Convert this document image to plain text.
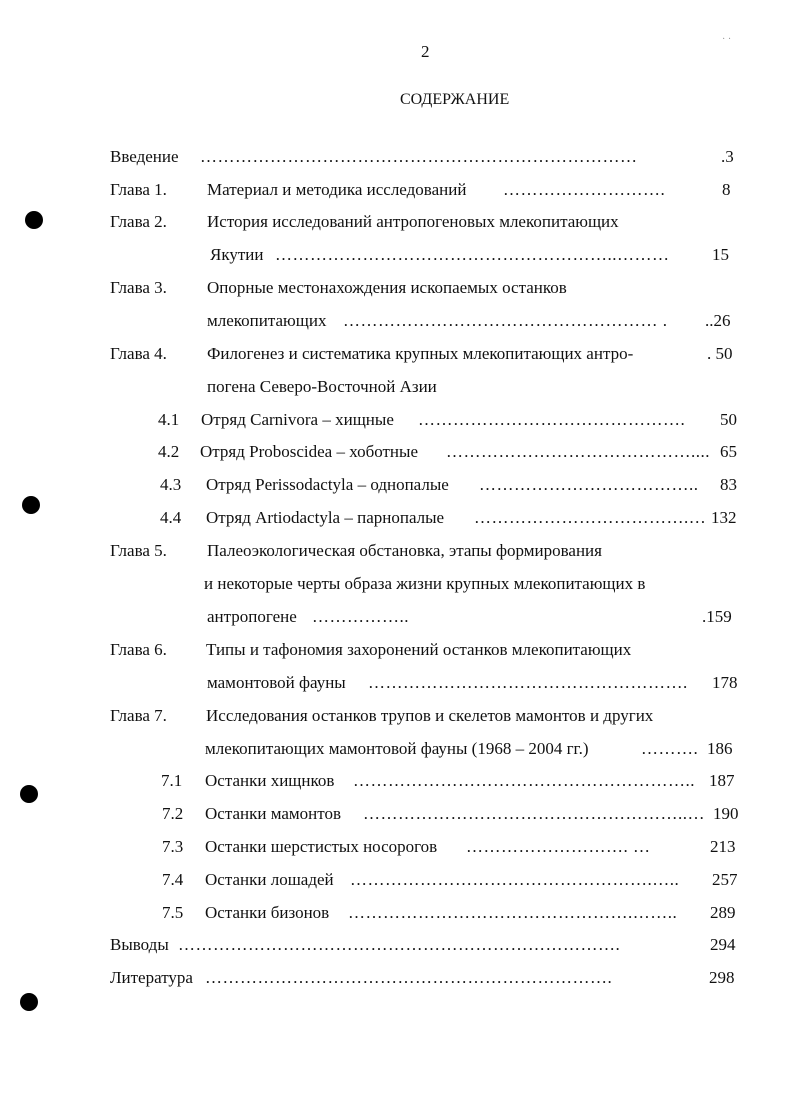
2
· ·
СОДЕРЖАНИЕ
Введение …………………………………………………………………	.3
Глава 1. Материал и методика исследований ……………………….	8
Глава 2. История исследований антропогеновых млекопитающих
Якутии …………………………………………………..………	15
Глава 3. Опорные местонахождения ископаемых останков
млекопитающих ……………………………………………… . ..26
Глава 4. Филогенез и систематика крупных млекопитающих антро-	. 50
погена Северо-Восточной Азии
4.1 Отряд Carnivora – хищные ………………………………………. 50
4.2 Отряд Proboscidea – хоботные …………………………………….... 65
4.3 Отряд Perissodactyla – однопалые ……………………………….. 83
4.4 Отряд Artiodactyla – парнопалые ……………………………….… 132
Глава 5. Палеоэкологическая обстановка, этапы формирования
и некоторые черты образа жизни крупных млекопитающих в
антропогене ……………..	.159
Глава 6. Типы и тафономия захоронений останков млекопитающих
мамонтовой фауны ………………………………………………. 178
Глава 7. Исследования останков трупов и скелетов мамонтов и других
млекопитающих мамонтовой фауны (1968 – 2004 гг.)	………. 186
7.1 Останки хищнков ………………………………………………….. 187
7.2 Останки мамонтов ………………………………………………..… 190
7.3 Останки шерстистых носорогов ………………………. …	213
7.4 Останки лошадей …………………………………………….….. 257
7.5 Останки бизонов ………………………………………….…….. 289
Выводы ………………………………………………………………….	294
Литература …………………………………………………………….	298
